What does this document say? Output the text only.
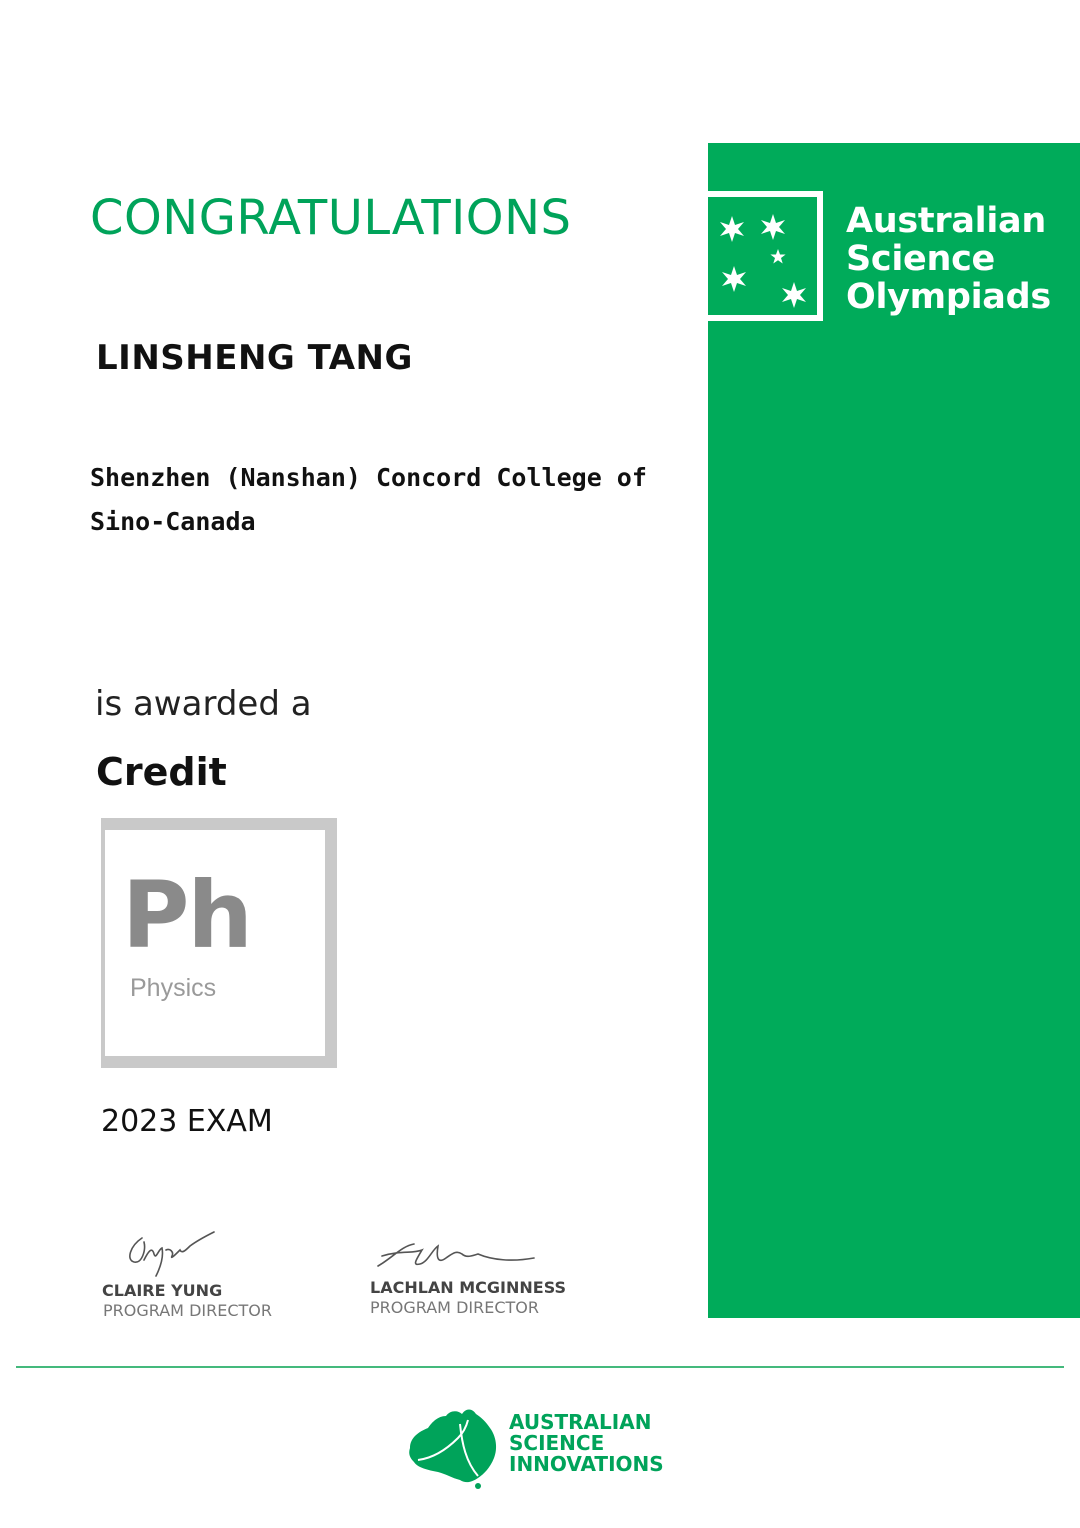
Australian
Science
Olympiads
CONGRATULATIONS
LINSHENG TANG
Shenzhen (Nanshan) Concord College of
Sino-Canada
is awarded a
Credit
Ph
Physics
2023 EXAM
CLAIRE YUNG
PROGRAM DIRECTOR
LACHLAN MCGINNESS
PROGRAM DIRECTOR
AUSTRALIAN
SCIENCE
INNOVATIONS
